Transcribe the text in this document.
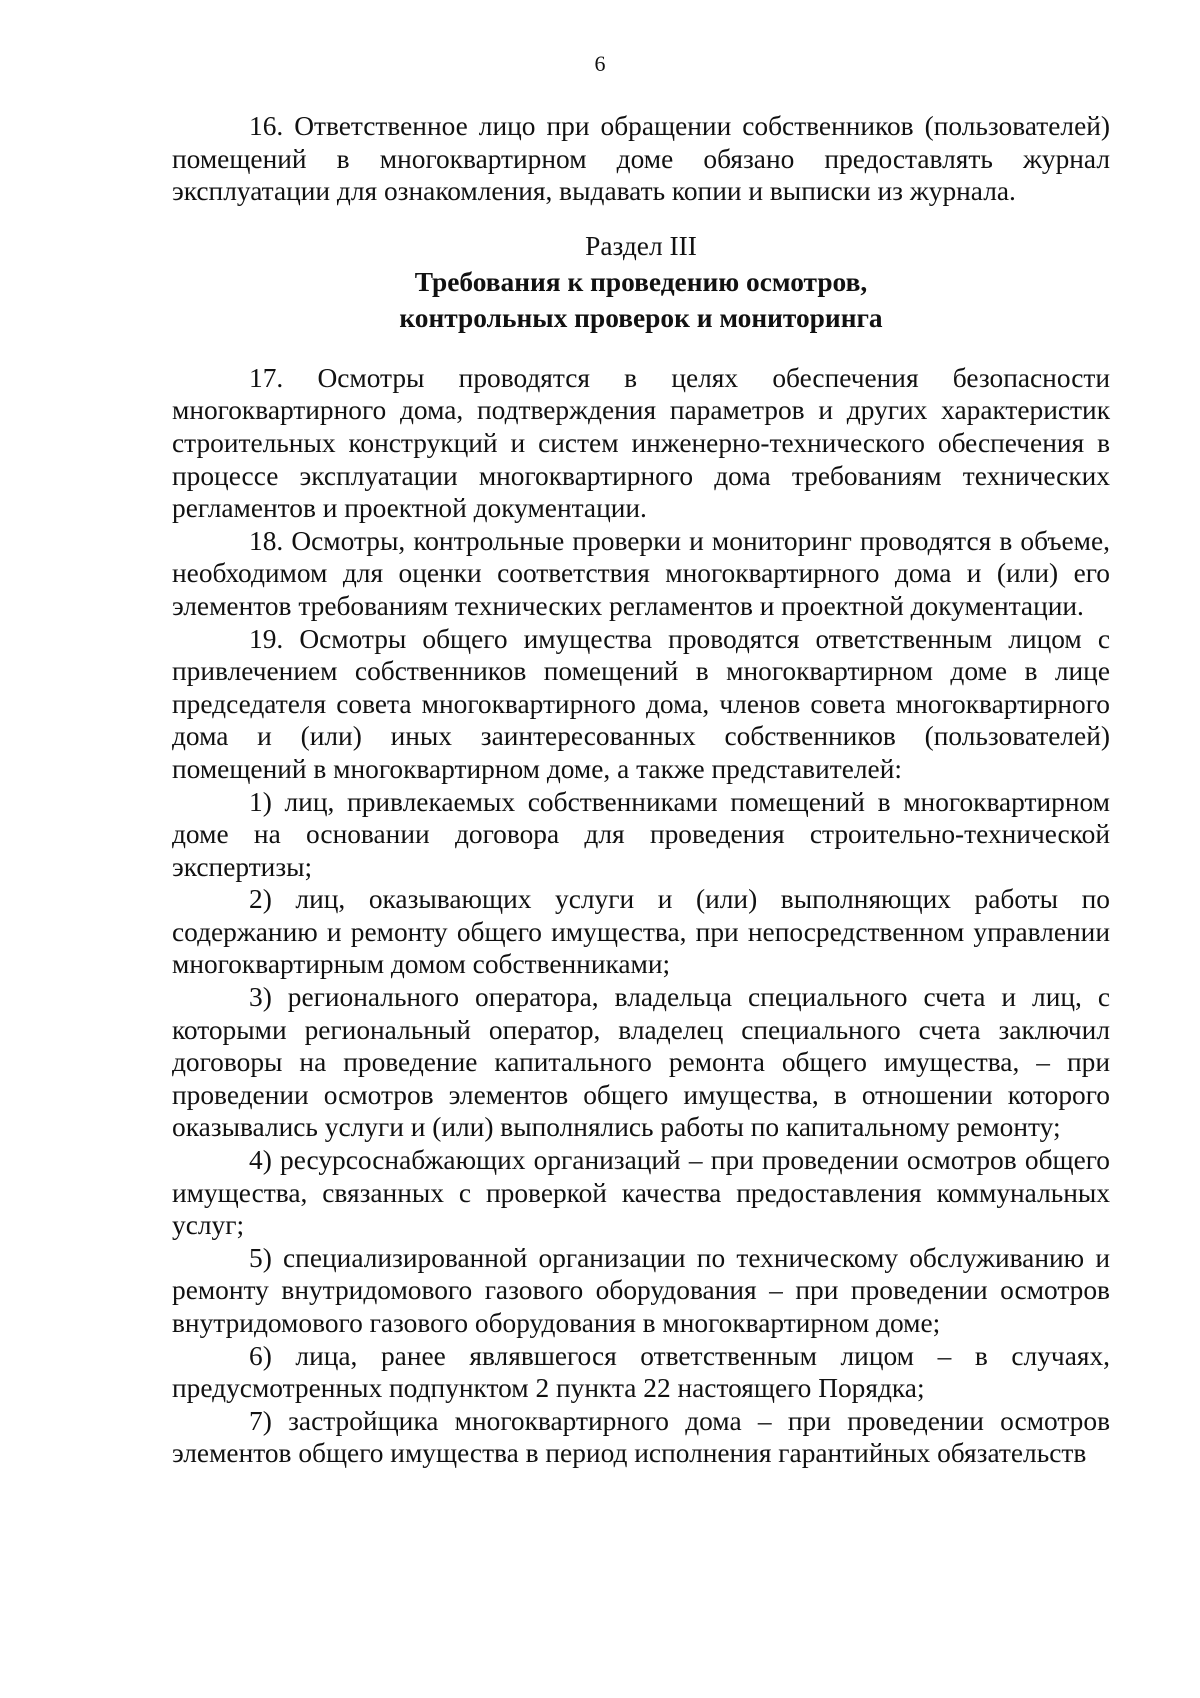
6

16. Ответственное лицо при обращении собственников (пользователей) помещений в многоквартирном доме обязано предоставлять журнал эксплуатации для ознакомления, выдавать копии и выписки из журнала.

Раздел III
Требования к проведению осмотров,
контрольных проверок и мониторинга

17. Осмотры проводятся в целях обеспечения безопасности многоквартирного дома, подтверждения параметров и других характеристик строительных конструкций и систем инженерно-технического обеспечения в процессе эксплуатации многоквартирного дома требованиям технических регламентов и проектной документации.

18. Осмотры, контрольные проверки и мониторинг проводятся в объеме, необходимом для оценки соответствия многоквартирного дома и (или) его элементов требованиям технических регламентов и проектной документации.

19. Осмотры общего имущества проводятся ответственным лицом с привлечением собственников помещений в многоквартирном доме в лице председателя совета многоквартирного дома, членов совета многоквартирного дома и (или) иных заинтересованных собственников (пользователей) помещений в многоквартирном доме, а также представителей:

1) лиц, привлекаемых собственниками помещений в многоквартирном доме на основании договора для проведения строительно-технической экспертизы;

2) лиц, оказывающих услуги и (или) выполняющих работы по содержанию и ремонту общего имущества, при непосредственном управлении многоквартирным домом собственниками;

3) регионального оператора, владельца специального счета и лиц, с которыми региональный оператор, владелец специального счета заключил договоры на проведение капитального ремонта общего имущества, – при проведении осмотров элементов общего имущества, в отношении которого оказывались услуги и (или) выполнялись работы по капитальному ремонту;

4) ресурсоснабжающих организаций – при проведении осмотров общего имущества, связанных с проверкой качества предоставления коммунальных услуг;

5) специализированной организации по техническому обслуживанию и ремонту внутридомового газового оборудования – при проведении осмотров внутридомового газового оборудования в многоквартирном доме;

6) лица, ранее являвшегося ответственным лицом – в случаях, предусмотренных подпунктом 2 пункта 22 настоящего Порядка;

7) застройщика многоквартирного дома – при проведении осмотров элементов общего имущества в период исполнения гарантийных обязательств
